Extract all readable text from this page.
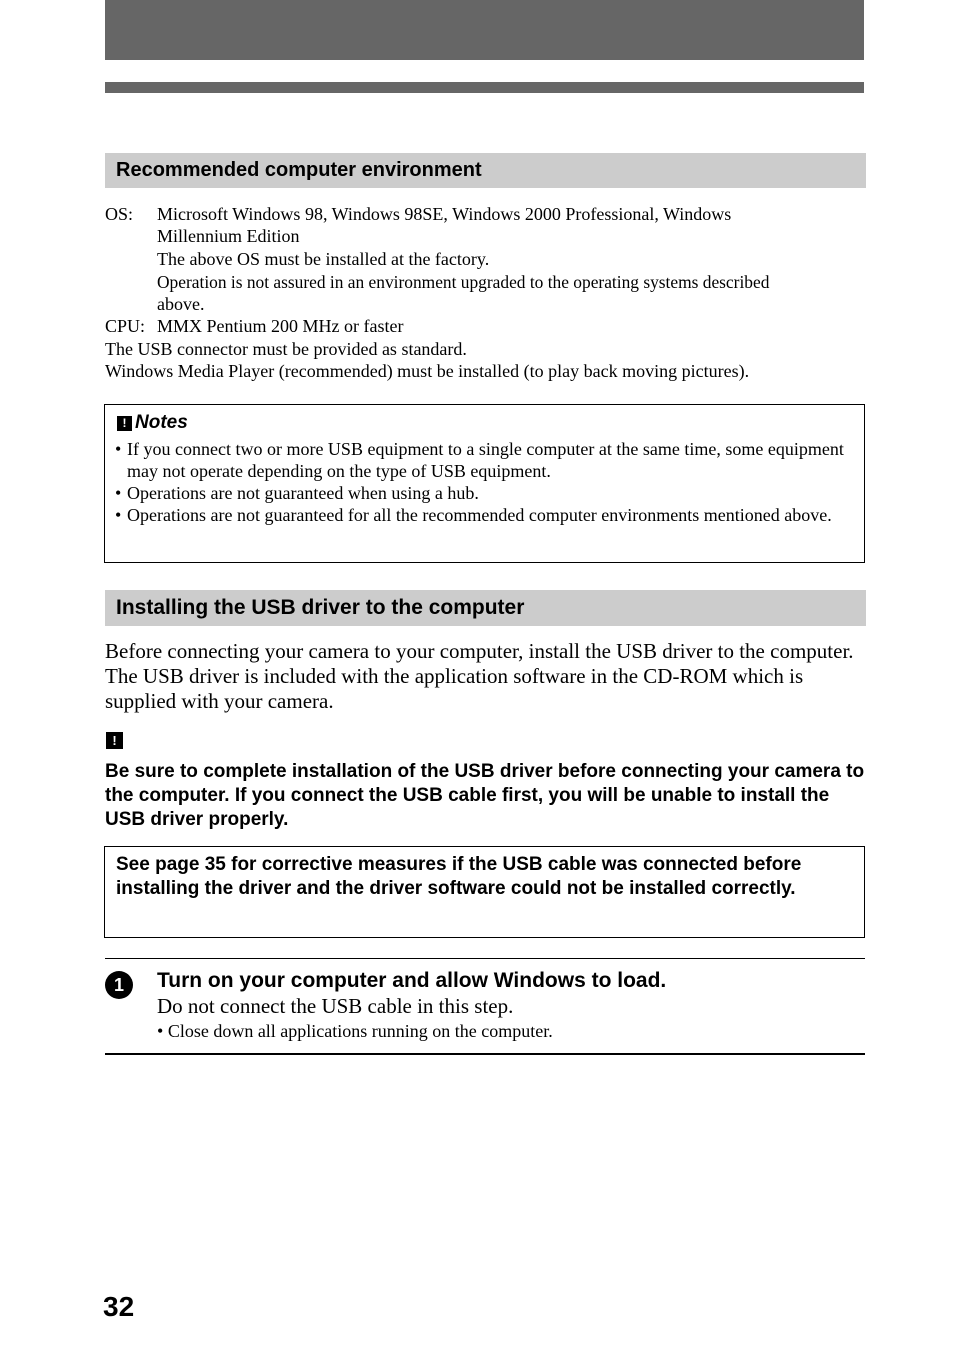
Recommended computer environment
OS: Microsoft Windows 98, Windows 98SE, Windows 2000 Professional, Windows
Millennium Edition
The above OS must be installed at the factory.
Operation is not assured in an environment upgraded to the operating systems described
above.
CPU: MMX Pentium 200 MHz or faster
The USB connector must be provided as standard.
Windows Media Player (recommended) must be installed (to play back moving pictures).
! Notes
• If you connect two or more USB equipment to a single computer at the same time, some equipment may not operate depending on the type of USB equipment.
• Operations are not guaranteed when using a hub.
• Operations are not guaranteed for all the recommended computer environments mentioned above.
Installing the USB driver to the computer
Before connecting your camera to your computer, install the USB driver to the computer. The USB driver is included with the application software in the CD-ROM which is supplied with your camera.
!
Be sure to complete installation of the USB driver before connecting your camera to the computer. If you connect the USB cable first, you will be unable to install the USB driver properly.
See page 35 for corrective measures if the USB cable was connected before installing the driver and the driver software could not be installed correctly.
1	Turn on your computer and allow Windows to load.
Do not connect the USB cable in this step.
• Close down all applications running on the computer.
32
